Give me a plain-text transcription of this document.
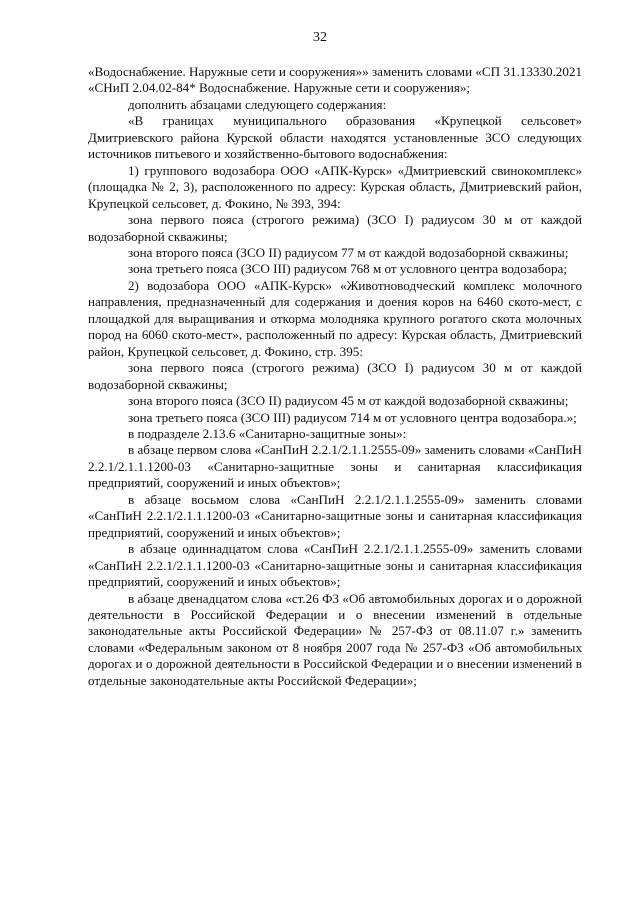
32

«Водоснабжение. Наружные сети и сооружения»» заменить словами «СП 31.13330.2021 «СНиП 2.04.02-84* Водоснабжение. Наружные сети и сооружения»;

дополнить абзацами следующего содержания:

«В границах муниципального образования «Крупецкой сельсовет» Дмитриевского района Курской области находятся установленные ЗСО следующих источников питьевого и хозяйственно-бытового водоснабжения:

1) группового водозабора ООО «АПК-Курск» «Дмитриевский свинокомплекс» (площадка № 2, 3), расположенного по адресу: Курская область, Дмитриевский район, Крупецкой сельсовет, д. Фокино, № 393, 394:

зона первого пояса (строгого режима) (ЗСО I) радиусом 30 м от каждой водозаборной скважины;

зона второго пояса (ЗСО II) радиусом 77 м от каждой водозаборной скважины;

зона третьего пояса (ЗСО III) радиусом 768 м от условного центра водозабора;

2) водозабора ООО «АПК-Курск» «Животноводческий комплекс молочного направления, предназначенный для содержания и доения коров на 6460 ското-мест, с площадкой для выращивания и откорма молодняка крупного рогатого скота молочных пород на 6060 ското-мест», расположенный по адресу: Курская область, Дмитриевский район, Крупецкой сельсовет, д. Фокино, стр. 395:

зона первого пояса (строгого режима) (ЗСО I) радиусом 30 м от каждой водозаборной скважины;

зона второго пояса (ЗСО II) радиусом 45 м от каждой водозаборной скважины;

зона третьего пояса (ЗСО III) радиусом 714 м от условного центра водозабора.»;

в подразделе 2.13.6 «Санитарно-защитные зоны»:

в абзаце первом слова «СанПиН 2.2.1/2.1.1.2555-09» заменить словами «СанПиН 2.2.1/2.1.1.1200-03 «Санитарно-защитные зоны и санитарная классификация предприятий, сооружений и иных объектов»;

в абзаце восьмом слова «СанПиН 2.2.1/2.1.1.2555-09» заменить словами «СанПиН 2.2.1/2.1.1.1200-03 «Санитарно-защитные зоны и санитарная классификация предприятий, сооружений и иных объектов»;

в абзаце одиннадцатом слова «СанПиН 2.2.1/2.1.1.2555-09» заменить словами «СанПиН 2.2.1/2.1.1.1200-03 «Санитарно-защитные зоны и санитарная классификация предприятий, сооружений и иных объектов»;

в абзаце двенадцатом слова «ст.26 ФЗ «Об автомобильных дорогах и о дорожной деятельности в Российской Федерации и о внесении изменений в отдельные законодательные акты Российской Федерации» № 257-ФЗ от 08.11.07 г.» заменить словами «Федеральным законом от 8 ноября 2007 года № 257-ФЗ «Об автомобильных дорогах и о дорожной деятельности в Российской Федерации и о внесении изменений в отдельные законодательные акты Российской Федерации»;
